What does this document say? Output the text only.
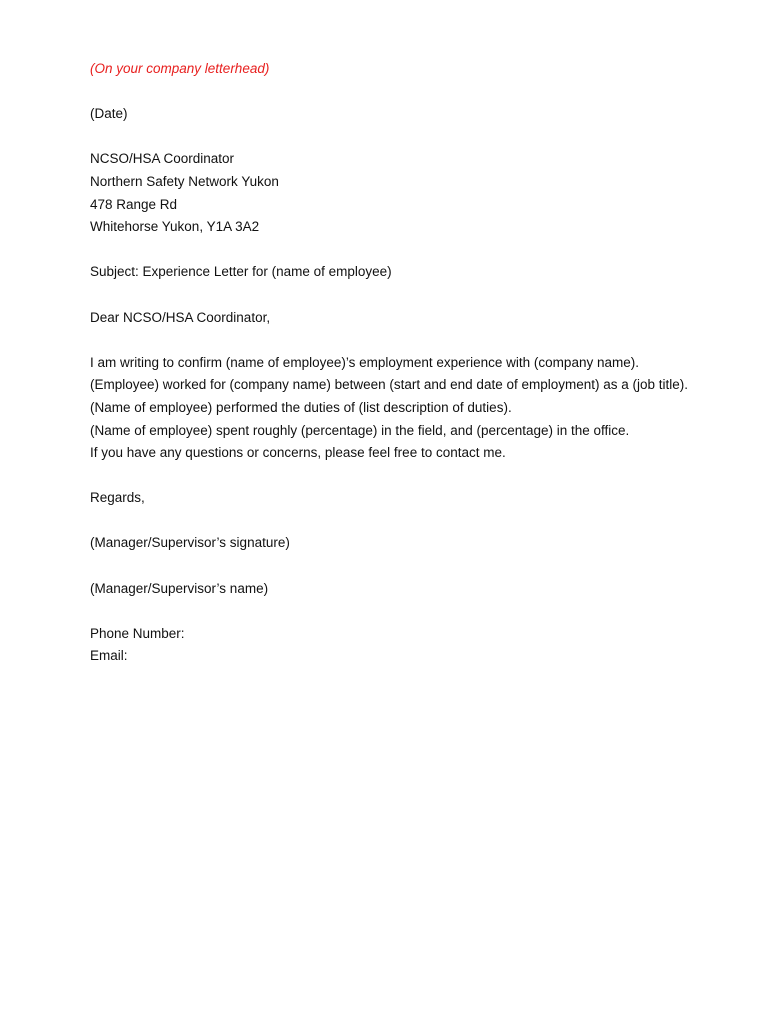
(On your company letterhead)
(Date)
NCSO/HSA Coordinator
Northern Safety Network Yukon
478 Range Rd
Whitehorse Yukon, Y1A 3A2
Subject: Experience Letter for (name of employee)
Dear NCSO/HSA Coordinator,
I am writing to confirm (name of employee)’s employment experience with (company name).
(Employee) worked for (company name) between (start and end date of employment) as a (job title).
(Name of employee) performed the duties of (list description of duties).
(Name of employee) spent roughly (percentage) in the field, and (percentage) in the office.
If you have any questions or concerns, please feel free to contact me.
Regards,
(Manager/Supervisor’s signature)
(Manager/Supervisor’s name)
Phone Number:
Email:
